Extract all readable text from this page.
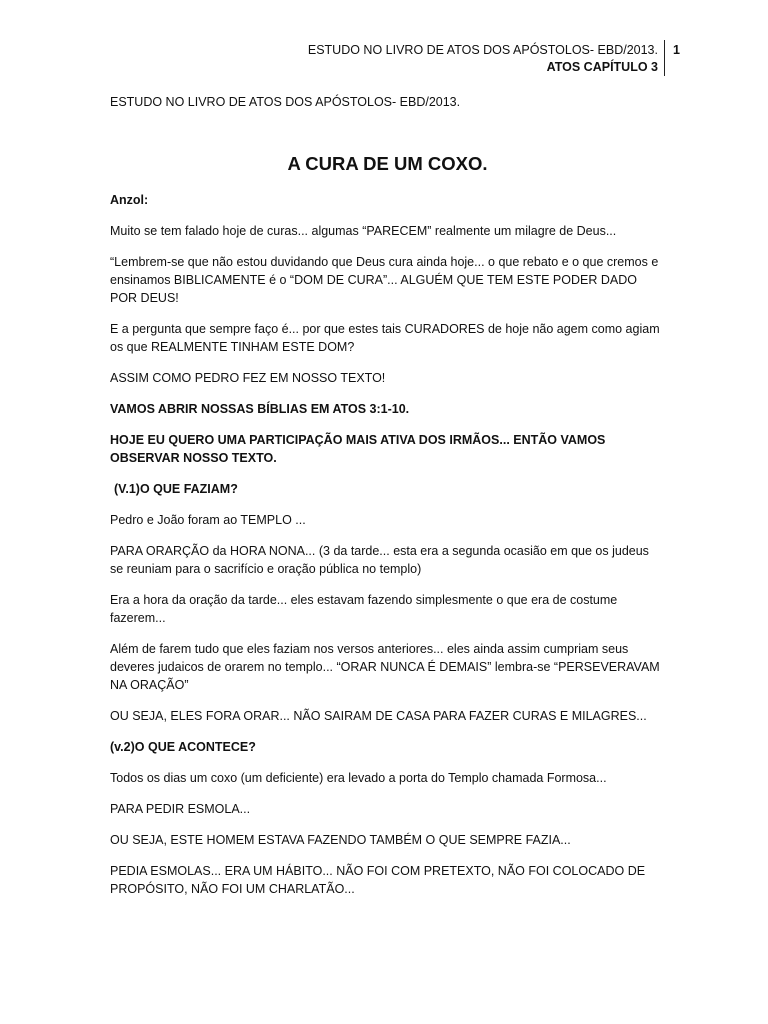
ESTUDO NO LIVRO DE ATOS DOS APÓSTOLOS- EBD/2013.
ATOS CAPÍTULO 3
1

ESTUDO NO LIVRO DE ATOS DOS APÓSTOLOS- EBD/2013.

A CURA DE UM COXO.

Anzol:

Muito se tem falado hoje de curas... algumas “PARECEM” realmente um milagre de Deus...

“Lembrem-se que não estou duvidando que Deus cura ainda hoje... o que rebato e o que cremos e ensinamos BIBLICAMENTE é o “DOM DE CURA”... ALGUÉM QUE TEM ESTE PODER DADO POR DEUS!

E a pergunta que sempre faço é... por que estes tais CURADORES de hoje não agem como agiam os que REALMENTE TINHAM ESTE DOM?

ASSIM COMO PEDRO FEZ EM NOSSO TEXTO!

VAMOS ABRIR NOSSAS BÍBLIAS EM ATOS 3:1-10.

HOJE EU QUERO UMA PARTICIPAÇÃO MAIS ATIVA DOS IRMÃOS... ENTÃO VAMOS OBSERVAR NOSSO TEXTO.

(V.1)O QUE FAZIAM?

Pedro e João foram ao TEMPLO ...

PARA ORARÇÃO da HORA NONA... (3 da tarde... esta era a segunda ocasião em que os judeus se reuniam para o sacrifício e oração pública no templo)

Era a hora da oração da tarde... eles estavam fazendo simplesmente o que era de costume fazerem...

Além de farem tudo que eles faziam nos versos anteriores... eles ainda assim cumpriam seus deveres judaicos de orarem no templo... “ORAR NUNCA É DEMAIS” lembra-se “PERSEVERAVAM NA ORAÇÃO”

OU SEJA, ELES FORA ORAR... NÃO SAIRAM DE CASA PARA FAZER CURAS E MILAGRES...

(v.2)O QUE ACONTECE?

Todos os dias um coxo (um deficiente) era levado a porta do Templo chamada Formosa...

PARA PEDIR ESMOLA...

OU SEJA, ESTE HOMEM ESTAVA FAZENDO TAMBÉM O QUE SEMPRE FAZIA...

PEDIA ESMOLAS... ERA UM HÁBITO... NÃO FOI COM PRETEXTO, NÃO FOI COLOCADO DE PROPÓSITO, NÃO FOI UM CHARLATÃO...
